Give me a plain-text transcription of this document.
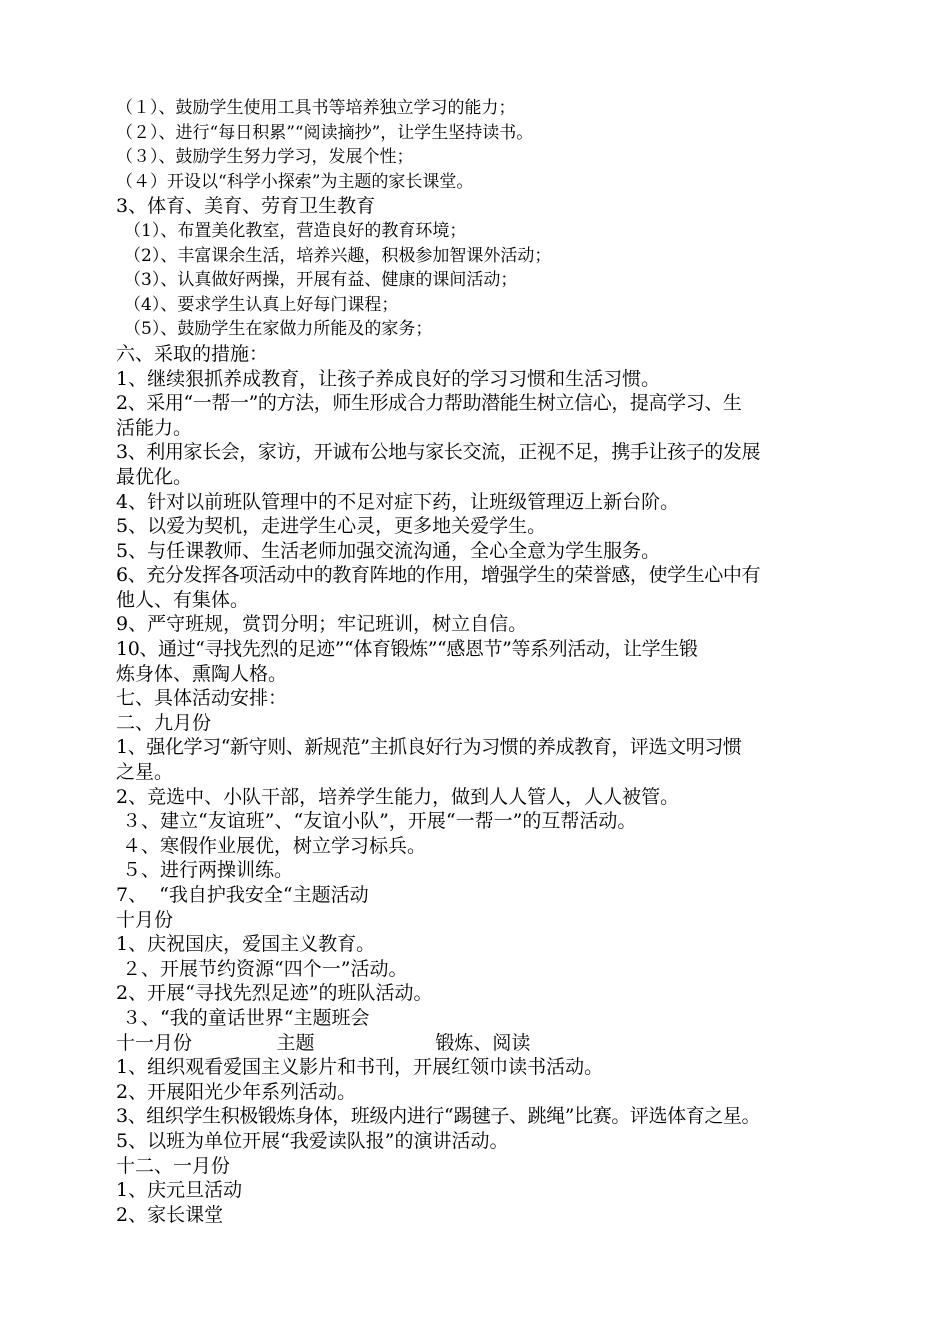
（１）、鼓励学生使用工具书等培养独立学习的能力；

（２）、进行“每日积累”“阅读摘抄”，让学生坚持读书。

（３）、鼓励学生努力学习，发展个性；

（４）开设以“科学小探索”为主题的家长课堂。

3、体育、美育、劳育卫生教育

（1）、布置美化教室，营造良好的教育环境；

（2）、丰富课余生活，培养兴趣，积极参加智课外活动；

（3）、认真做好两操，开展有益、健康的课间活动；

（4）、要求学生认真上好每门课程；

（5）、鼓励学生在家做力所能及的家务；

六、采取的措施：

1、继续狠抓养成教育，让孩子养成良好的学习习惯和生活习惯。

2、采用“一帮一”的方法，师生形成合力帮助潜能生树立信心，提高学习、生

活能力。

3、利用家长会，家访，开诚布公地与家长交流，正视不足，携手让孩子的发展

最优化。

4、针对以前班队管理中的不足对症下药，让班级管理迈上新台阶。

5、以爱为契机，走进学生心灵，更多地关爱学生。

5、与任课教师、生活老师加强交流沟通，全心全意为学生服务。

6、充分发挥各项活动中的教育阵地的作用，增强学生的荣誉感，使学生心中有

他人、有集体。

9、严守班规，赏罚分明；牢记班训，树立自信。

10、通过“寻找先烈的足迹”“体育锻炼”“感恩节”等系列活动，让学生锻

炼身体、熏陶人格。

七、具体活动安排：

二、九月份

1、强化学习“新守则、新规范”主抓良好行为习惯的养成教育，评选文明习惯

之星。

2、竞选中、小队干部，培养学生能力，做到人人管人，人人被管。

３、建立“友谊班”、“友谊小队”，开展“一帮一”的互帮活动。

４、寒假作业展优，树立学习标兵。

５、进行两操训练。

7、  “我自护我安全“主题活动

十月份

1、庆祝国庆，爱国主义教育。

２、开展节约资源“四个一”活动。

2、开展“寻找先烈足迹”的班队活动。

３、“我的童话世界“主题班会

十一月份              主题                    锻炼、阅读

1、组织观看爱国主义影片和书刊，开展红领巾读书活动。

2、开展阳光少年系列活动。

3、组织学生积极锻炼身体，班级内进行“踢毽子、跳绳”比赛。评选体育之星。

5、以班为单位开展“我爱读队报”的演讲活动。

十二、一月份

1、庆元旦活动

2、家长课堂
